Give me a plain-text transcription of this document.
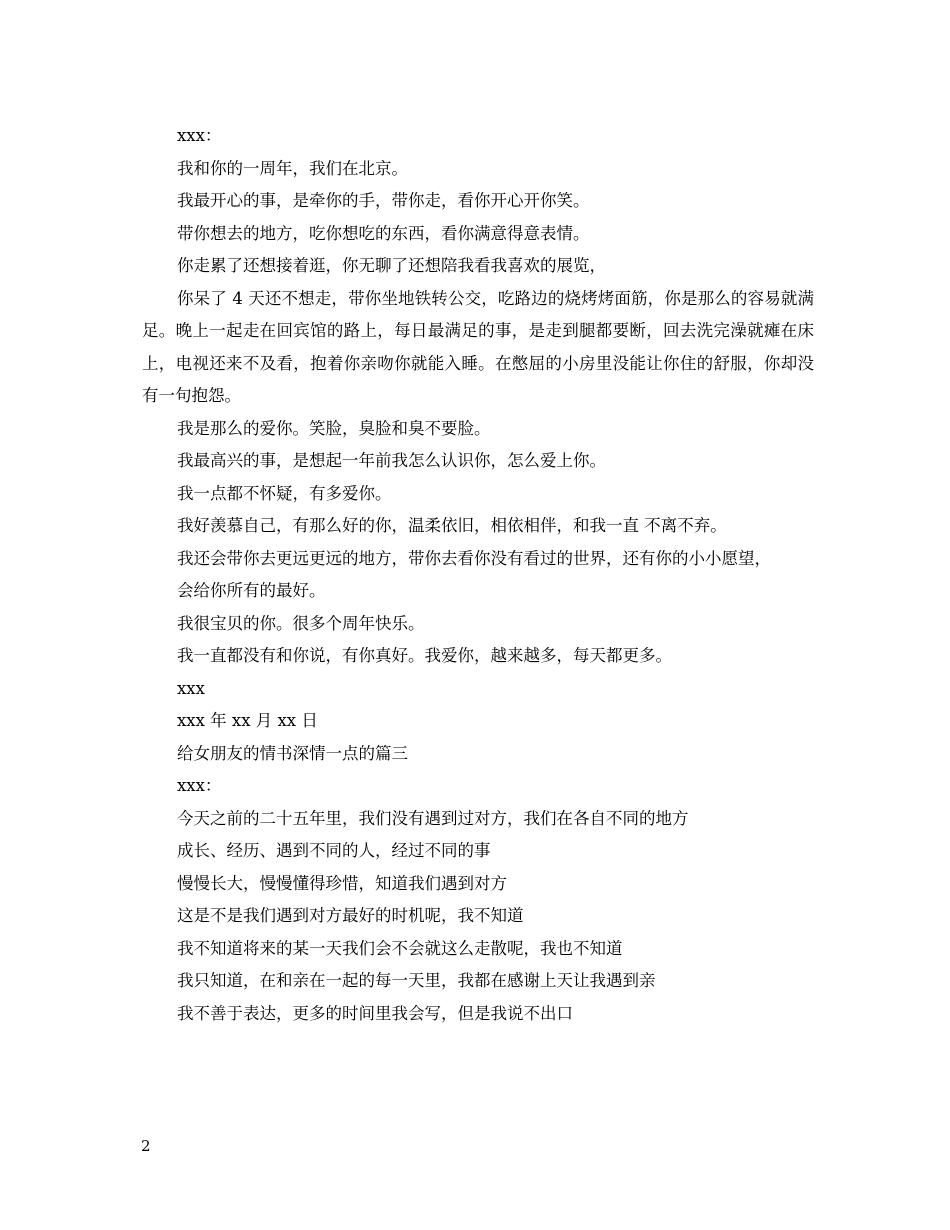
xxx：

我和你的一周年，我们在北京。

我最开心的事，是牵你的手，带你走，看你开心开你笑。

带你想去的地方，吃你想吃的东西，看你满意得意表情。

你走累了还想接着逛，你无聊了还想陪我看我喜欢的展览，

你呆了 4 天还不想走，带你坐地铁转公交，吃路边的烧烤烤面筋，你是那么的容易就满足。晚上一起走在回宾馆的路上，每日最满足的事，是走到腿都要断，回去洗完澡就瘫在床上，电视还来不及看，抱着你亲吻你就能入睡。在憋屈的小房里没能让你住的舒服，你却没有一句抱怨。

我是那么的爱你。笑脸，臭脸和臭不要脸。

我最高兴的事，是想起一年前我怎么认识你，怎么爱上你。

我一点都不怀疑，有多爱你。

我好羡慕自己，有那么好的你，温柔依旧，相依相伴，和我一直 不离不弃。

我还会带你去更远更远的地方，带你去看你没有看过的世界，还有你的小小愿望，

会给你所有的最好。

我很宝贝的你。很多个周年快乐。

我一直都没有和你说，有你真好。我爱你，越来越多，每天都更多。

xxx

xxx 年 xx 月 xx 日

给女朋友的情书深情一点的篇三

xxx：

今天之前的二十五年里，我们没有遇到过对方，我们在各自不同的地方

成长、经历、遇到不同的人，经过不同的事

慢慢长大，慢慢懂得珍惜，知道我们遇到对方

这是不是我们遇到对方最好的时机呢，我不知道

我不知道将来的某一天我们会不会就这么走散呢，我也不知道

我只知道，在和亲在一起的每一天里，我都在感谢上天让我遇到亲

我不善于表达，更多的时间里我会写，但是我说不出口

2
